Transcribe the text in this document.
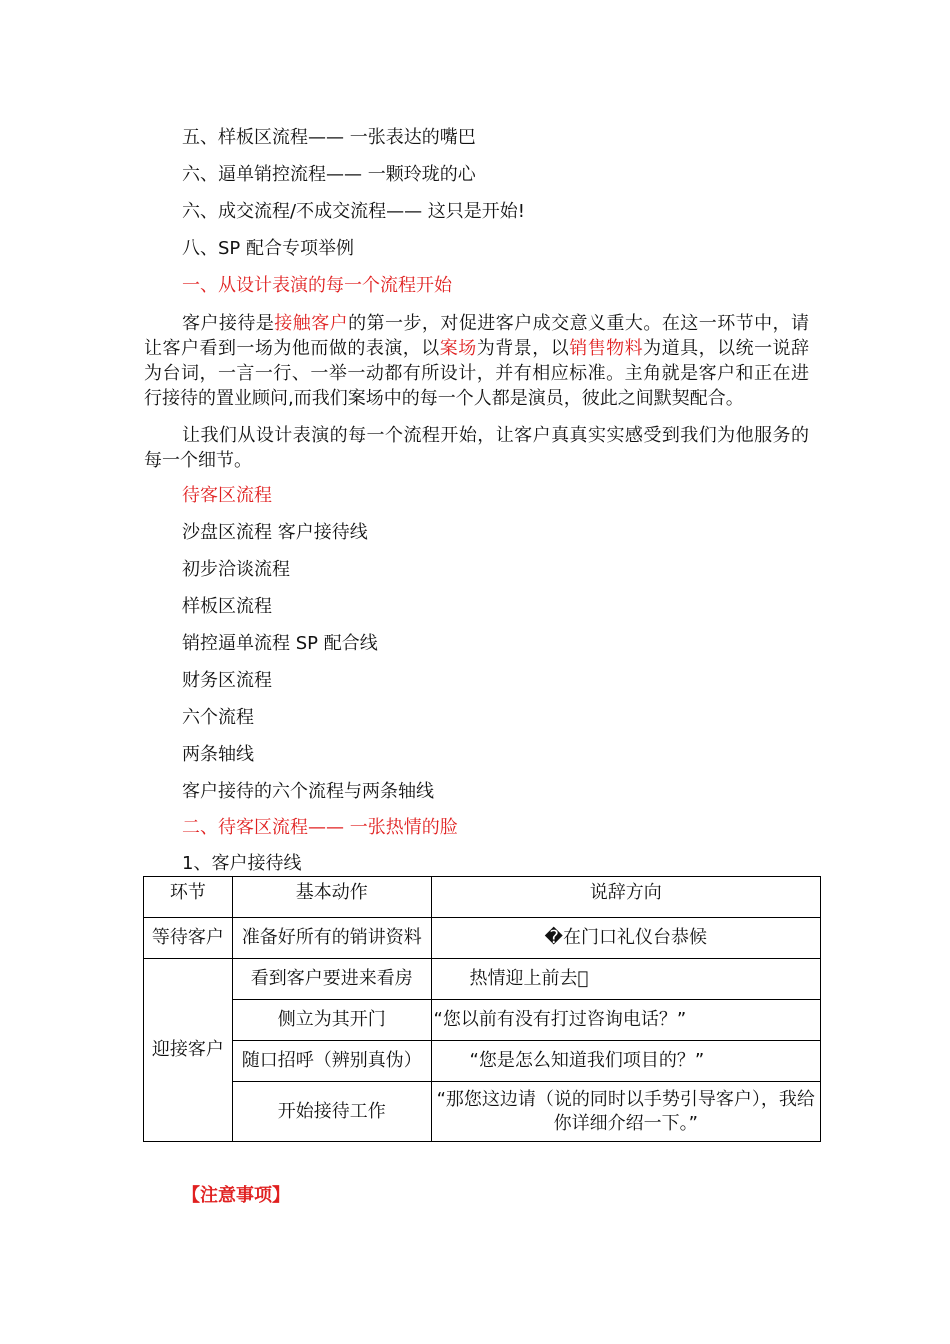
五、样板区流程—— 一张表达的嘴巴
六、逼单销控流程—— 一颗玲珑的心
六、成交流程/不成交流程—— 这只是开始!
八、SP 配合专项举例
一、从设计表演的每一个流程开始
客户接待是接触客户的第一步，对促进客户成交意义重大。在这一环节中，请让客户看到一场为他而做的表演，以案场为背景，以销售物料为道具，以统一说辞为台词，一言一行、一举一动都有所设计，并有相应标准。主角就是客户和正在进行接待的置业顾问,而我们案场中的每一个人都是演员，彼此之间默契配合。
让我们从设计表演的每一个流程开始，让客户真真实实感受到我们为他服务的每一个细节。
待客区流程
沙盘区流程 客户接待线
初步洽谈流程
样板区流程
销控逼单流程 SP 配合线
财务区流程
六个流程
两条轴线
客户接待的六个流程与两条轴线
二、待客区流程—— 一张热情的脸
1、客户接待线
环节	基本动作	说辞方向
等待客户	准备好所有的销讲资料	�在门口礼仪台恭候
迎接客户	看到客户要进来看房	热情迎上前去
	侧立为其开门	“您以前有没有打过咨询电话？”
	随口招呼（辨别真伪）	“您是怎么知道我们项目的？”
	开始接待工作	“那您这边请（说的同时以手势引导客户），我给你详细介绍一下。”
【注意事项】
